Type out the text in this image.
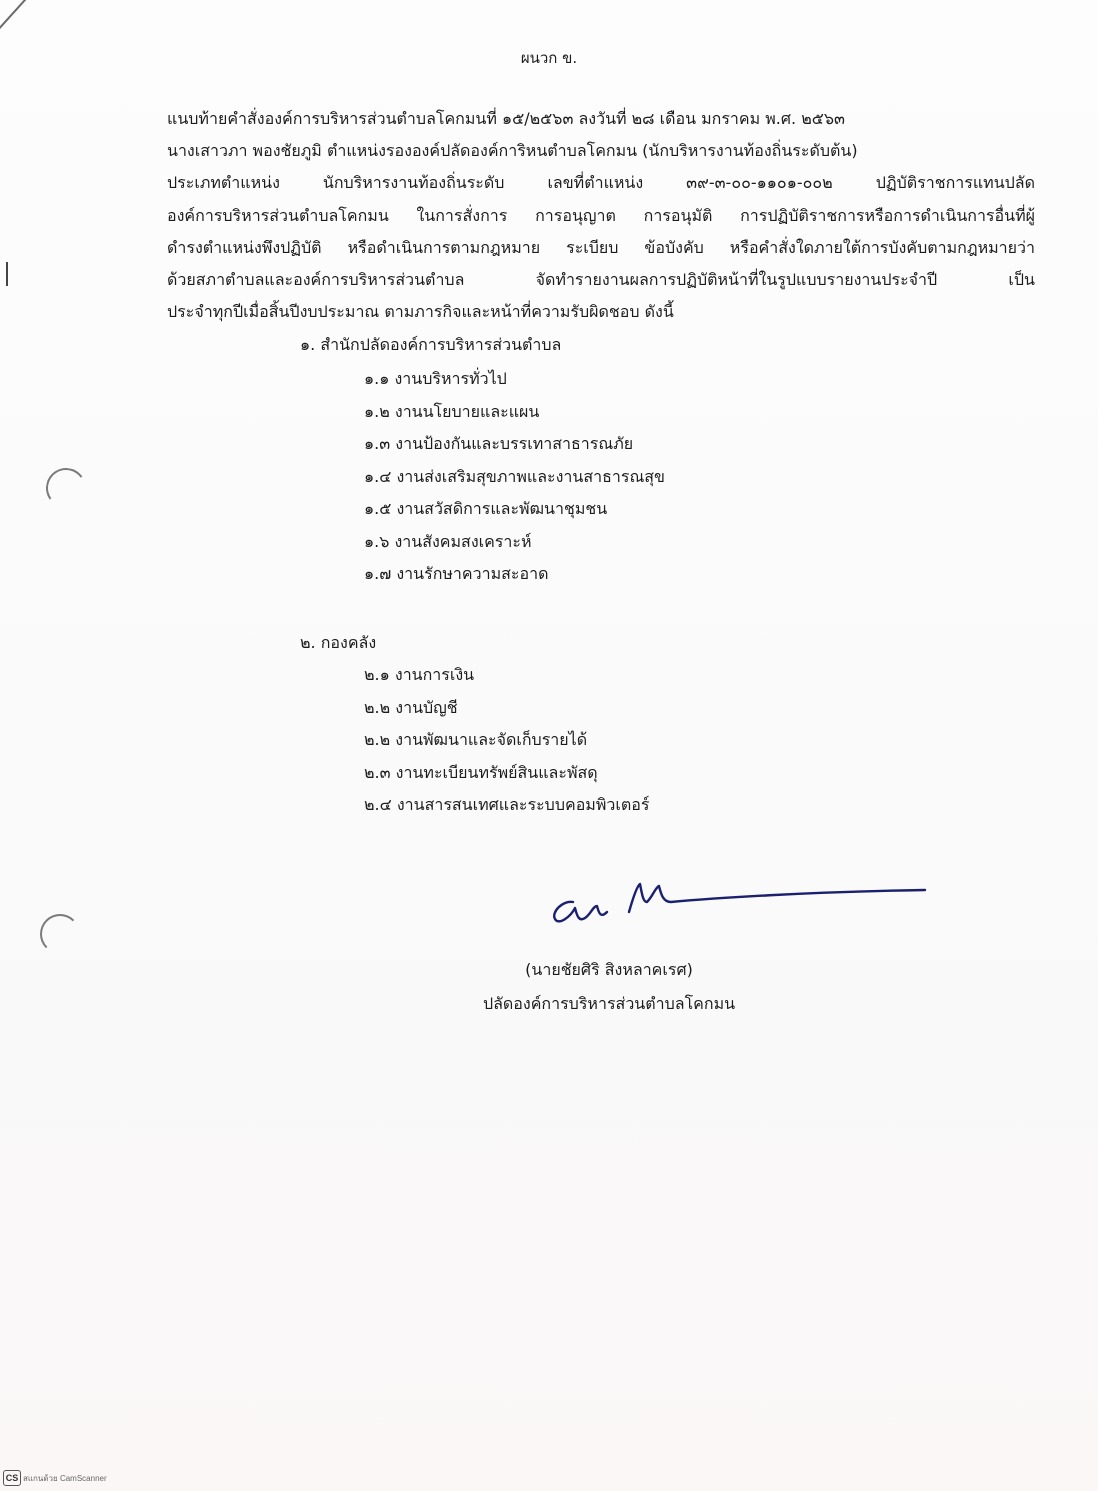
ผนวก ข.
แนบท้ายคำสั่งองค์การบริหารส่วนตำบลโคกมนที่ ๑๕/๒๕๖๓ ลงวันที่ ๒๘ เดือน มกราคม พ.ศ. ๒๕๖๓
นางเสาวภา พองชัยภูมิ ตำแหน่งรององค์ปลัดองค์การิหนตำบลโคกมน (นักบริหารงานท้องถิ่นระดับต้น)
ประเภทตำแหน่ง นักบริหารงานท้องถิ่นระดับ เลขที่ตำแหน่ง ๓๙-๓-๐๐-๑๑๐๑-๐๐๒ ปฏิบัติราชการแทนปลัด
องค์การบริหารส่วนตำบลโคกมน ในการสั่งการ การอนุญาต การอนุมัติ การปฏิบัติราชการหรือการดำเนินการอื่นที่ผู้
ดำรงตำแหน่งพึงปฏิบัติ หรือดำเนินการตามกฎหมาย ระเบียบ ข้อบังคับ หรือคำสั่งใดภายใต้การบังคับตามกฎหมายว่า
ด้วยสภาตำบลและองค์การบริหารส่วนตำบล จัดทำรายงานผลการปฏิบัติหน้าที่ในรูปแบบรายงานประจำปี เป็น
ประจำทุกปีเมื่อสิ้นปีงบประมาณ ตามภารกิจและหน้าที่ความรับผิดชอบ ดังนี้
๑. สำนักปลัดองค์การบริหารส่วนตำบล
๑.๑ งานบริหารทั่วไป
๑.๒ งานนโยบายและแผน
๑.๓ งานป้องกันและบรรเทาสาธารณภัย
๑.๔ งานส่งเสริมสุขภาพและงานสาธารณสุข
๑.๕ งานสวัสดิการและพัฒนาชุมชน
๑.๖ งานสังคมสงเคราะห์
๑.๗ งานรักษาความสะอาด
๒. กองคลัง
๒.๑ งานการเงิน
๒.๒ งานบัญชี
๒.๒ งานพัฒนาและจัดเก็บรายได้
๒.๓ งานทะเบียนทรัพย์สินและพัสดุ
๒.๔ งานสารสนเทศและระบบคอมพิวเตอร์
(นายชัยศิริ สิงหลาคเรศ)
ปลัดองค์การบริหารส่วนตำบลโคกมน
CS สแกนด้วย CamScanner
